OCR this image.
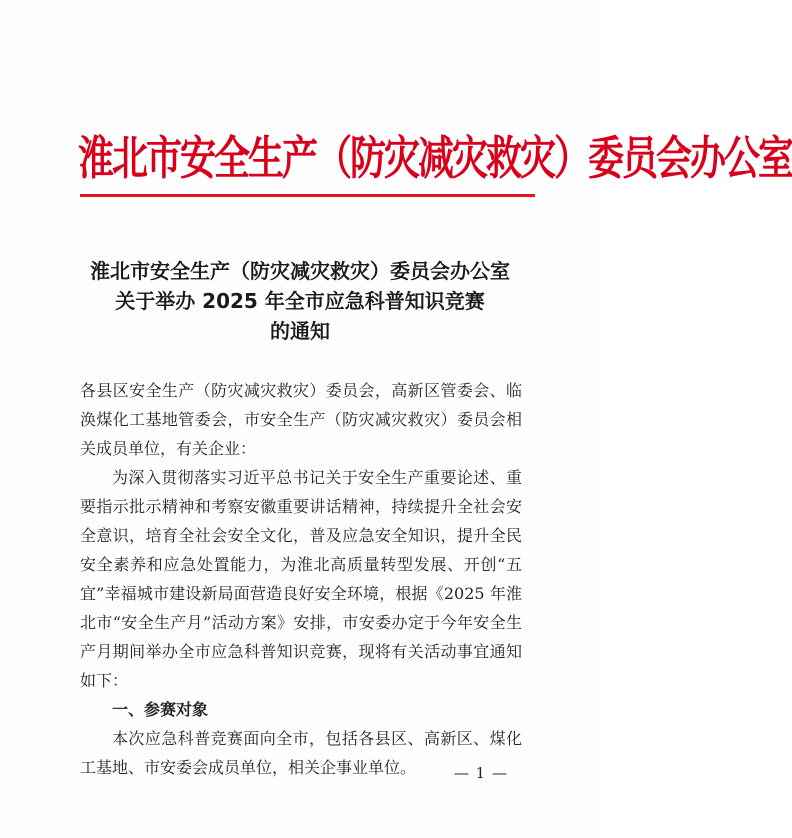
淮北市安全生产（防灾减灾救灾）委员会办公室
淮北市安全生产（防灾减灾救灾）委员会办公室
关于举办 2025 年全市应急科普知识竞赛
的通知

各县区安全生产（防灾减灾救灾）委员会，高新区管委会、临涣煤化工基地管委会，市安全生产（防灾减灾救灾）委员会相关成员单位，有关企业：

为深入贯彻落实习近平总书记关于安全生产重要论述、重要指示批示精神和考察安徽重要讲话精神，持续提升全社会安全意识，培育全社会安全文化，普及应急安全知识，提升全民安全素养和应急处置能力，为淮北高质量转型发展、开创“五宜”幸福城市建设新局面营造良好安全环境，根据《2025 年淮北市“安全生产月”活动方案》安排，市安委办定于今年安全生产月期间举办全市应急科普知识竞赛，现将有关活动事宜通知如下：

一、参赛对象

本次应急科普竞赛面向全市，包括各县区、高新区、煤化工基地、市安委会成员单位，相关企事业单位。	— 1 —
